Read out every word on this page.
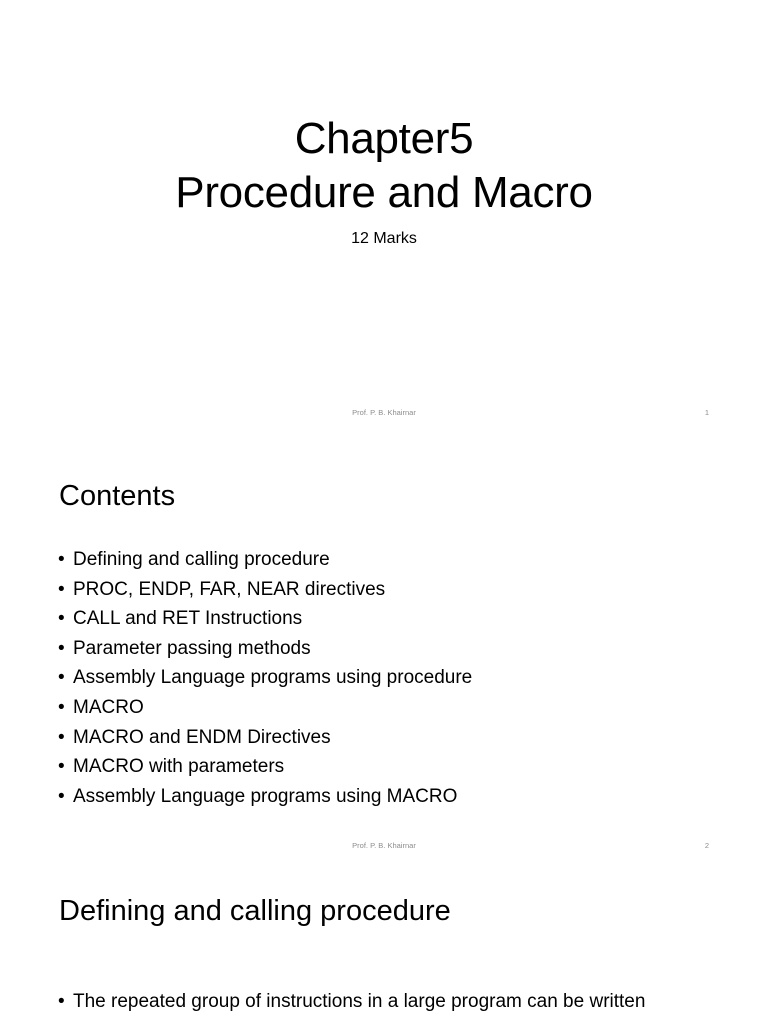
Chapter5
Procedure and Macro

12 Marks

Prof. P. B. Khairnar	1
Contents
• Defining and calling procedure
• PROC, ENDP, FAR, NEAR directives
• CALL and RET Instructions
• Parameter passing methods
• Assembly Language programs using procedure
• MACRO
• MACRO and ENDM Directives
• MACRO with parameters
• Assembly Language programs using MACRO
Prof. P. B. Khairnar	2
Defining and calling procedure
• The repeated group of instructions in a large program can be written
